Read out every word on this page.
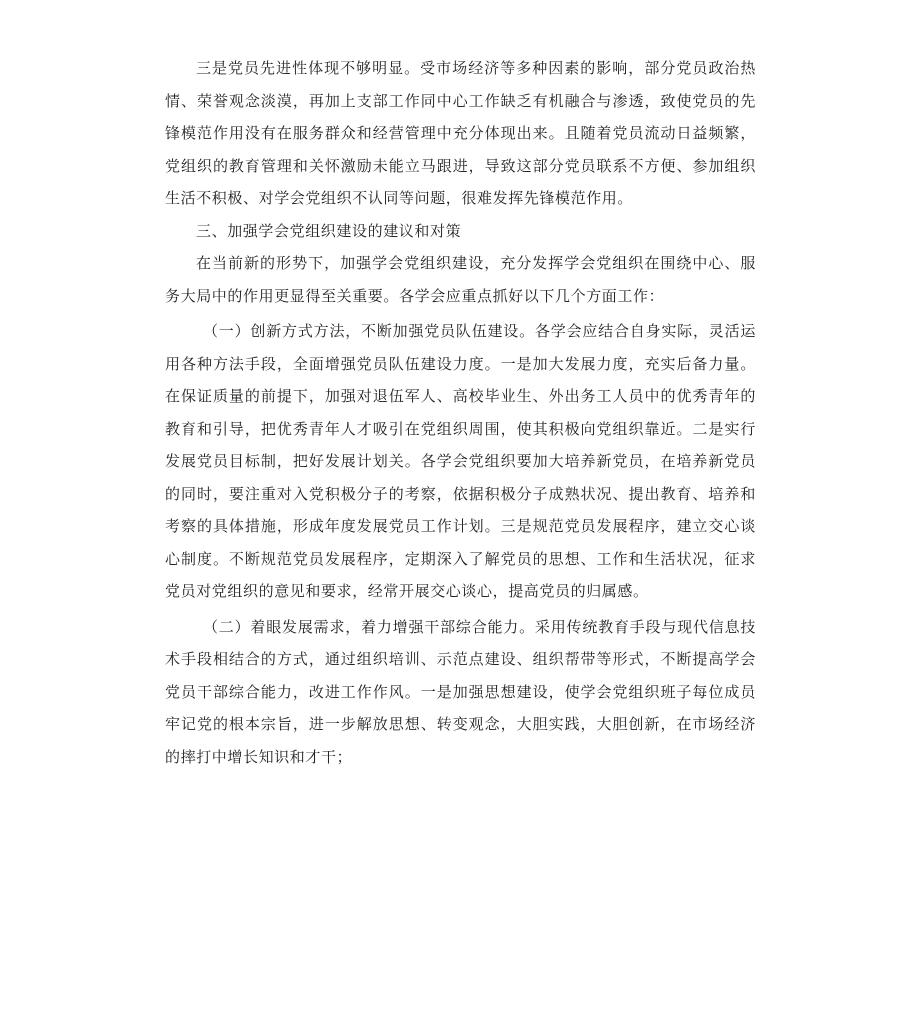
三是党员先进性体现不够明显。受市场经济等多种因素的影响，部分党员政治热情、荣誉观念淡漠，再加上支部工作同中心工作缺乏有机融合与渗透，致使党员的先锋模范作用没有在服务群众和经营管理中充分体现出来。且随着党员流动日益频繁，党组织的教育管理和关怀激励未能立马跟进，导致这部分党员联系不方便、参加组织生活不积极、对学会党组织不认同等问题，很难发挥先锋模范作用。

三、加强学会党组织建设的建议和对策

在当前新的形势下，加强学会党组织建设，充分发挥学会党组织在围绕中心、服务大局中的作用更显得至关重要。各学会应重点抓好以下几个方面工作：

（一）创新方式方法，不断加强党员队伍建设。各学会应结合自身实际，灵活运用各种方法手段，全面增强党员队伍建设力度。一是加大发展力度，充实后备力量。在保证质量的前提下，加强对退伍军人、高校毕业生、外出务工人员中的优秀青年的教育和引导，把优秀青年人才吸引在党组织周围，使其积极向党组织靠近。二是实行发展党员目标制，把好发展计划关。各学会党组织要加大培养新党员，在培养新党员的同时，要注重对入党积极分子的考察，依据积极分子成熟状况、提出教育、培养和考察的具体措施，形成年度发展党员工作计划。三是规范党员发展程序，建立交心谈心制度。不断规范党员发展程序，定期深入了解党员的思想、工作和生活状况，征求党员对党组织的意见和要求，经常开展交心谈心，提高党员的归属感。

（二）着眼发展需求，着力增强干部综合能力。采用传统教育手段与现代信息技术手段相结合的方式，通过组织培训、示范点建设、组织帮带等形式，不断提高学会党员干部综合能力，改进工作作风。一是加强思想建设，使学会党组织班子每位成员牢记党的根本宗旨，进一步解放思想、转变观念，大胆实践，大胆创新，在市场经济的摔打中增长知识和才干；
